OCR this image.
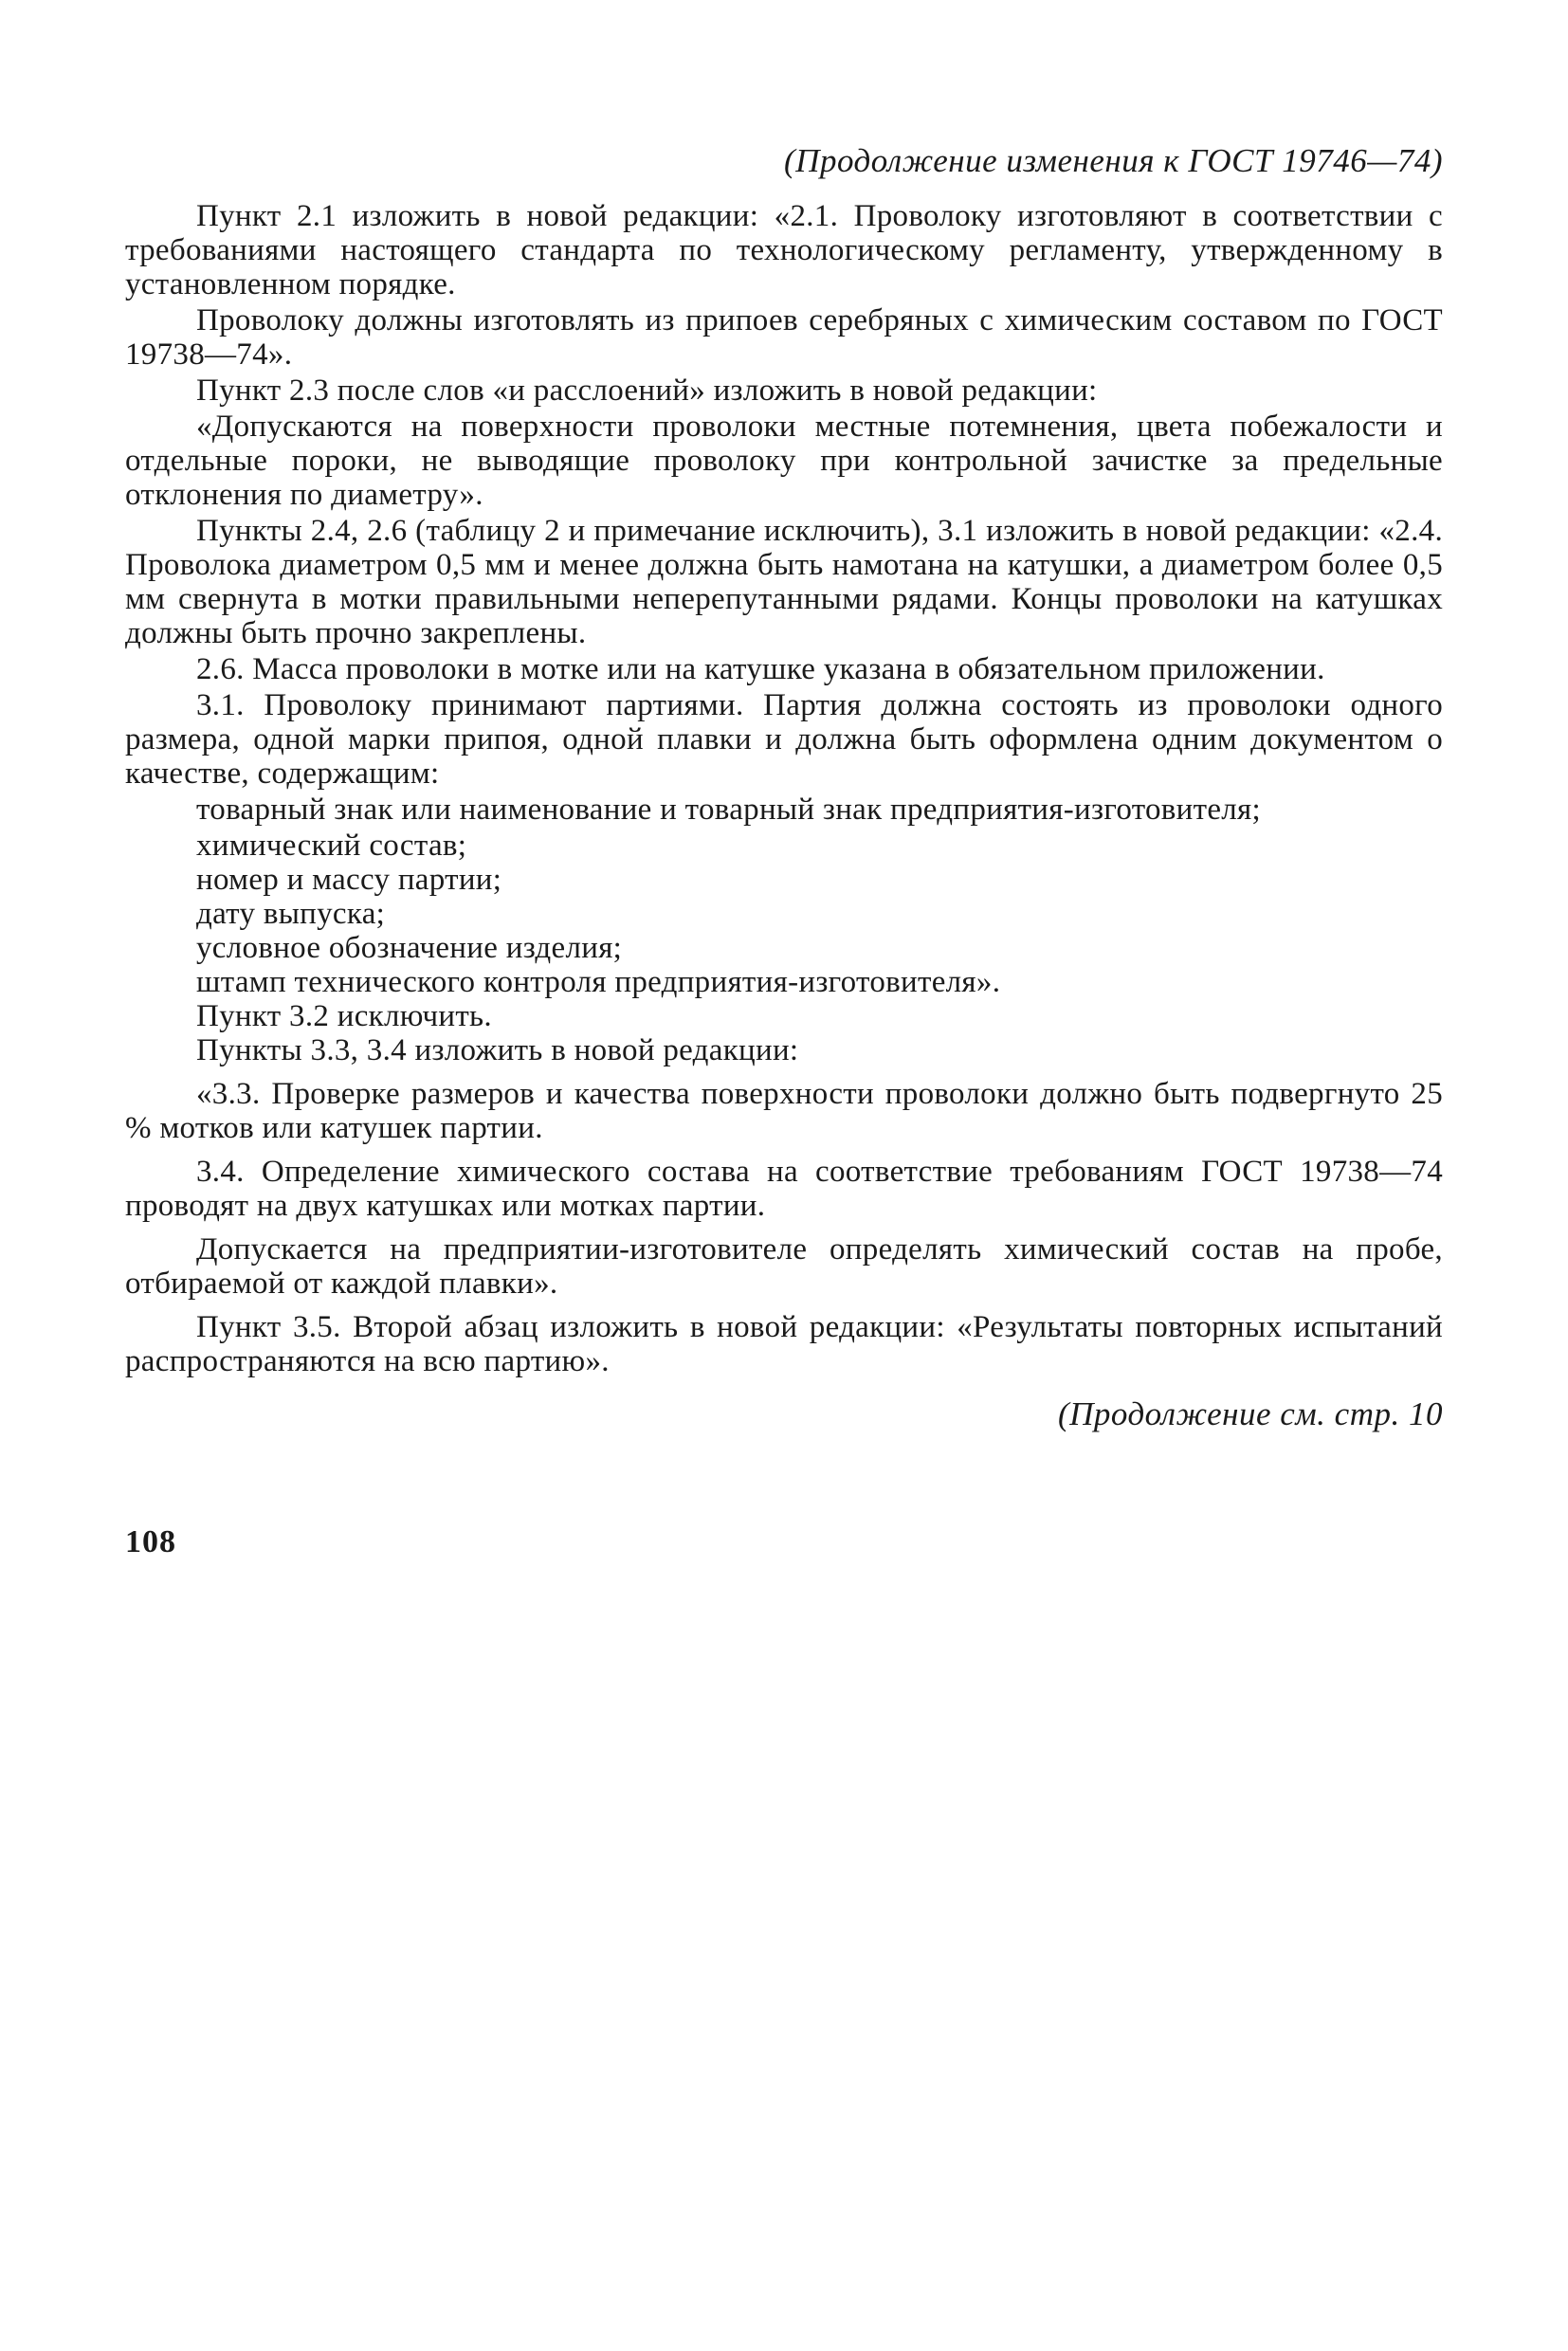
(Продолжение изменения к ГОСТ 19746—74)

Пункт 2.1 изложить в новой редакции: «2.1. Проволоку изготовляют в соответствии с требованиями настоящего стандарта по технологическому регламенту, утвержденному в установленном порядке.

Проволоку должны изготовлять из припоев серебряных с химическим составом по ГОСТ 19738—74».

Пункт 2.3 после слов «и расслоений» изложить в новой редакции:

«Допускаются на поверхности проволоки местные потемнения, цвета побежалости и отдельные пороки, не выводящие проволоку при контрольной зачистке за предельные отклонения по диаметру».

Пункты 2.4, 2.6 (таблицу 2 и примечание исключить), 3.1 изложить в новой редакции: «2.4. Проволока диаметром 0,5 мм и менее должна быть намотана на катушки, а диаметром более 0,5 мм свернута в мотки правильными неперепутанными рядами. Концы проволоки на катушках должны быть прочно закреплены.

2.6. Масса проволоки в мотке или на катушке указана в обязательном приложении.

3.1. Проволоку принимают партиями. Партия должна состоять из проволоки одного размера, одной марки припоя, одной плавки и должна быть оформлена одним документом о качестве, содержащим:

товарный знак или наименование и товарный знак предприятия-изготовителя;

химический состав;

номер и массу партии;

дату выпуска;

условное обозначение изделия;

штамп технического контроля предприятия-изготовителя».

Пункт 3.2 исключить.

Пункты 3.3, 3.4 изложить в новой редакции:

«3.3. Проверке размеров и качества поверхности проволоки должно быть подвергнуто 25 % мотков или катушек партии.

3.4. Определение химического состава на соответствие требованиям ГОСТ 19738—74 проводят на двух катушках или мотках партии.

Допускается на предприятии-изготовителе определять химический состав на пробе, отбираемой от каждой плавки».

Пункт 3.5. Второй абзац изложить в новой редакции: «Результаты повторных испытаний распространяются на всю партию».

(Продолжение см. стр. 10
108
